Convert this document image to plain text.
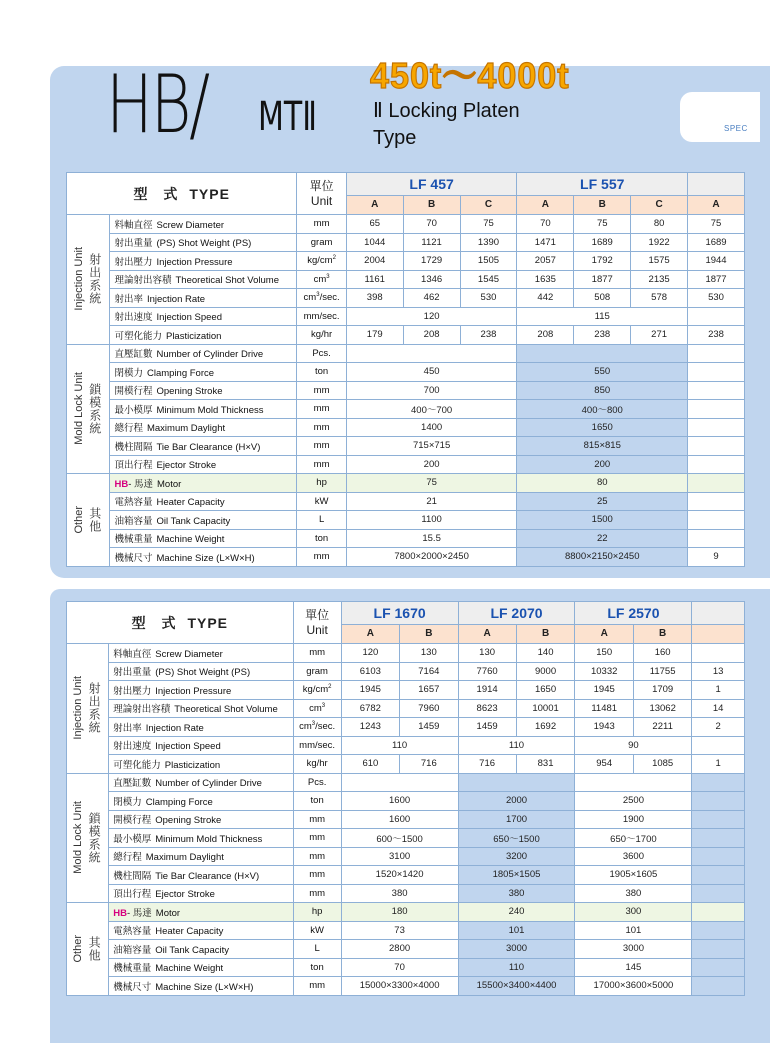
SPEC
HB/ MTⅡ
450t～4000t
Ⅱ Locking Platen
Type
型 式 TYPE		單位
Unit	LF 457			LF 557			
			A	B	C	A	B	C	A

射出系統
Injection Unit	料軸直徑 Screw Diameter	mm	65	70	75	70	75	80	75
	射出重量 (PS) Shot Weight (PS)	gram	1044	1121	1390	1471	1689	1922	1689
	射出壓力 Injection Pressure	$kg/cm^2$	2004	1729	1505	2057	1792	1575	1944
	理論射出容積 Theoretical Shot Volume	$cm^3$	1161	1346	1545	1635	1877	2135	1877
	射出率 Injection Rate	$cm^3/\sec$.	398	462	530	442	508	578	530
	射出速度 Injection Speed	mm/sec.	120			115			
	可塑化能力 Plasticization	kg/hr	179	208	238	208	238	271	238

鎖模系統
Mold Lock Unit	直壓缸數 Number of Cylinder Drive	Pcs.							
	閉模力 Clamping Force	ton	450			550			
	開模行程 Opening Stroke	mm	700			850			
	最小模厚 Minimum Mold Thickness	mm	400～700			400～800			
	總行程 Maximum Daylight	mm	1400			1650			
	機柱間隔 Tie Bar Clearance (H×V)	mm	715×715			815×815			
	頂出行程 Ejector Stroke	mm	200			200			

其他
Other	HB- 馬達 Motor	hp	75			80			
	電熱容量 Heater Capacity	kW	21			25			
	油箱容量 Oil Tank Capacity	L	1100			1500			
	機械重量 Machine Weight	ton	15.5			22			
	機械尺寸 Machine Size (L×W×H)	mm	7800×2000×2450			8800×2150×2450			9
型 式 TYPE		單位
Unit	LF 1670		LF 2070		LF 2570		
			A	B	A	B	A	B	

射出系統
Injection Unit	料軸直徑 Screw Diameter	mm	120	130	130	140	150	160	
	射出重量 (PS) Shot Weight (PS)	gram	6103	7164	7760	9000	10332	11755	13
	射出壓力 Injection Pressure	$kg/cm^2$	1945	1657	1914	1650	1945	1709	1
	理論射出容積 Theoretical Shot Volume	$cm^3$	6782	7960	8623	10001	11481	13062	14
	射出率 Injection Rate	$cm^3/\sec$.	1243	1459	1459	1692	1943	2211	2
	射出速度 Injection Speed	mm/sec.	110		110		90		
	可塑化能力 Plasticization	kg/hr	610	716	716	831	954	1085	1

鎖模系統
Mold Lock Unit	直壓缸數 Number of Cylinder Drive	Pcs.							
	閉模力 Clamping Force	ton	1600		2000		2500		
	開模行程 Opening Stroke	mm	1600		1700		1900		
	最小模厚 Minimum Mold Thickness	mm	600～1500		650～1500		650～1700		
	總行程 Maximum Daylight	mm	3100		3200		3600		
	機柱間隔 Tie Bar Clearance (H×V)	mm	1520×1420		1805×1505		1905×1605		
	頂出行程 Ejector Stroke	mm	380		380		380		

其他
Other	HB- 馬達 Motor	hp	180		240		300		
	電熱容量 Heater Capacity	kW	73		101		101		
	油箱容量 Oil Tank Capacity	L	2800		3000		3000		
	機械重量 Machine Weight	ton	70		110		145		
	機械尺寸 Machine Size (L×W×H)	mm	15000×3300×4000		15500×3400×4400		17000×3600×5000		
